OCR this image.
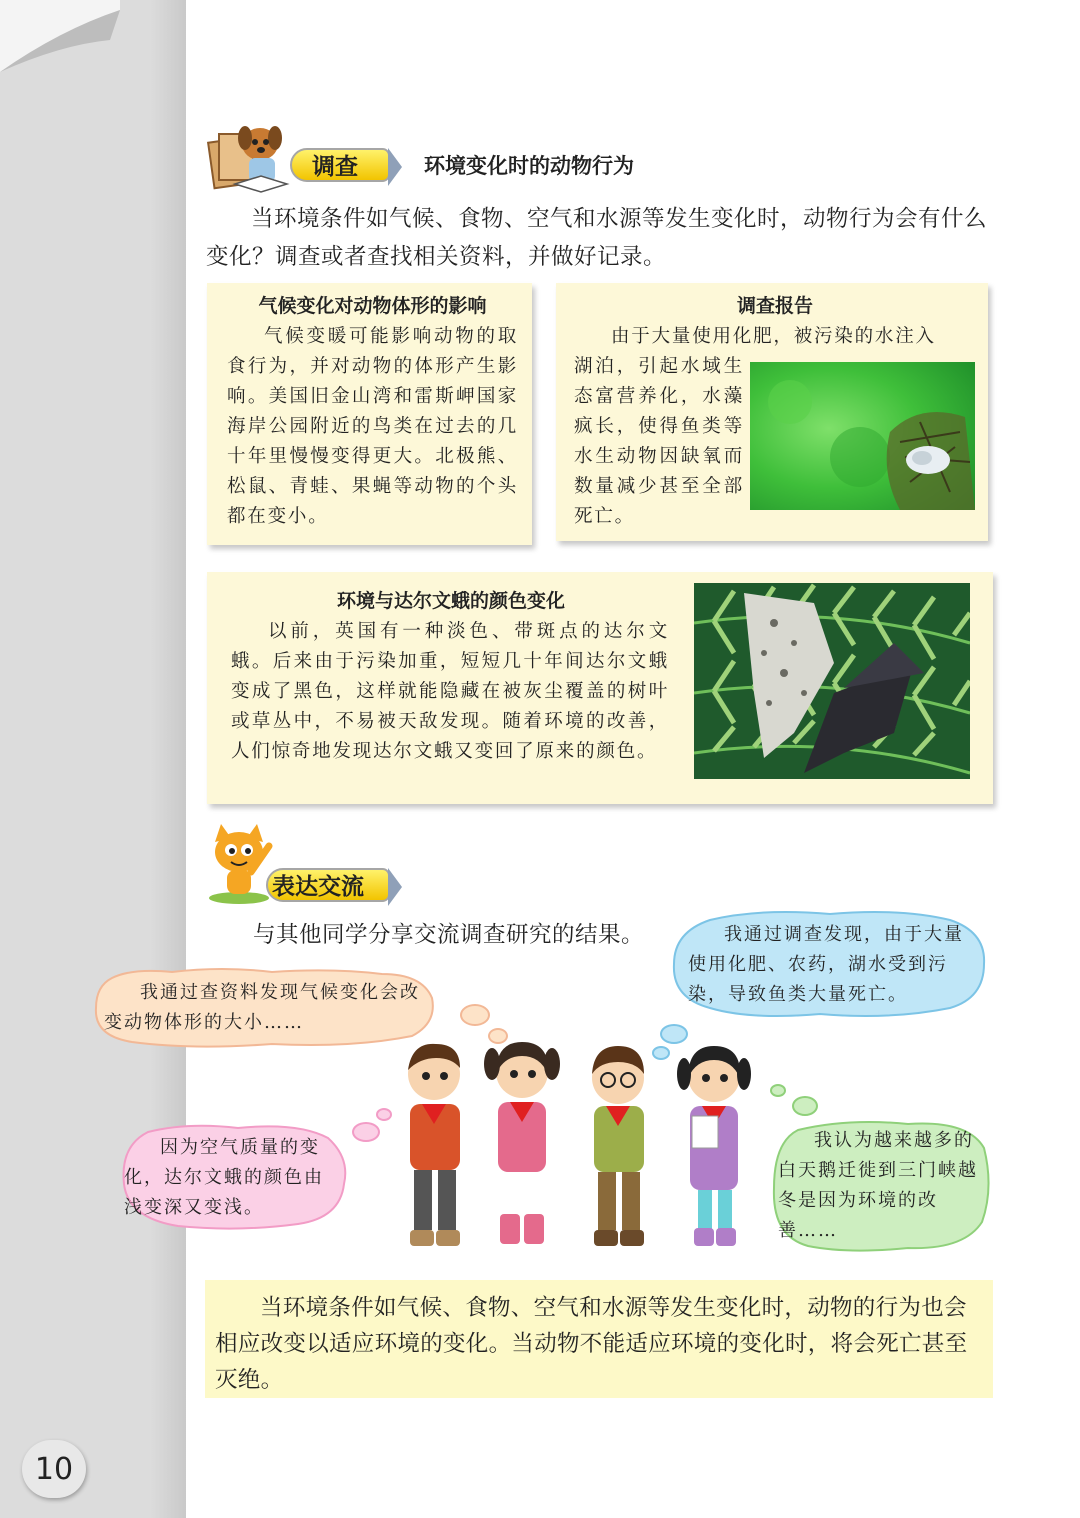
调查	环境变化时的动物行为
当环境条件如气候、食物、空气和水源等发生变化时，动物行为会有什么变化？调查或者查找相关资料，并做好记录。
气候变化对动物体形的影响

气候变暖可能影响动物的取食行为，并对动物的体形产生影响。美国旧金山湾和雷斯岬国家海岸公园附近的鸟类在过去的几十年里慢慢变得更大。北极熊、松鼠、青蛙、果蝇等动物的个头都在变小。

调查报告

由于大量使用化肥，被污染的水注入

湖泊，引起水域生态富营养化，水藻疯长，使得鱼类等水生动物因缺氧而数量减少甚至全部死亡。

环境与达尔文蛾的颜色变化

以前，英国有一种淡色、带斑点的达尔文蛾。后来由于污染加重，短短几十年间达尔文蛾变成了黑色，这样就能隐藏在被灰尘覆盖的树叶或草丛中，不易被天敌发现。随着环境的改善，人们惊奇地发现达尔文蛾又变回了原来的颜色。

表达交流
与其他同学分享交流调查研究的结果。
我通过查资料发现气候变化会改变动物体形的大小……
我通过调查发现，由于大量使用化肥、农药，湖水受到污染，导致鱼类大量死亡。
因为空气质量的变化，达尔文蛾的颜色由浅变深又变浅。
我认为越来越多的白天鹅迁徙到三门峡越冬是因为环境的改善……

当环境条件如气候、食物、空气和水源等发生变化时，动物的行为也会相应改变以适应环境的变化。当动物不能适应环境的变化时，将会死亡甚至灭绝。

10
